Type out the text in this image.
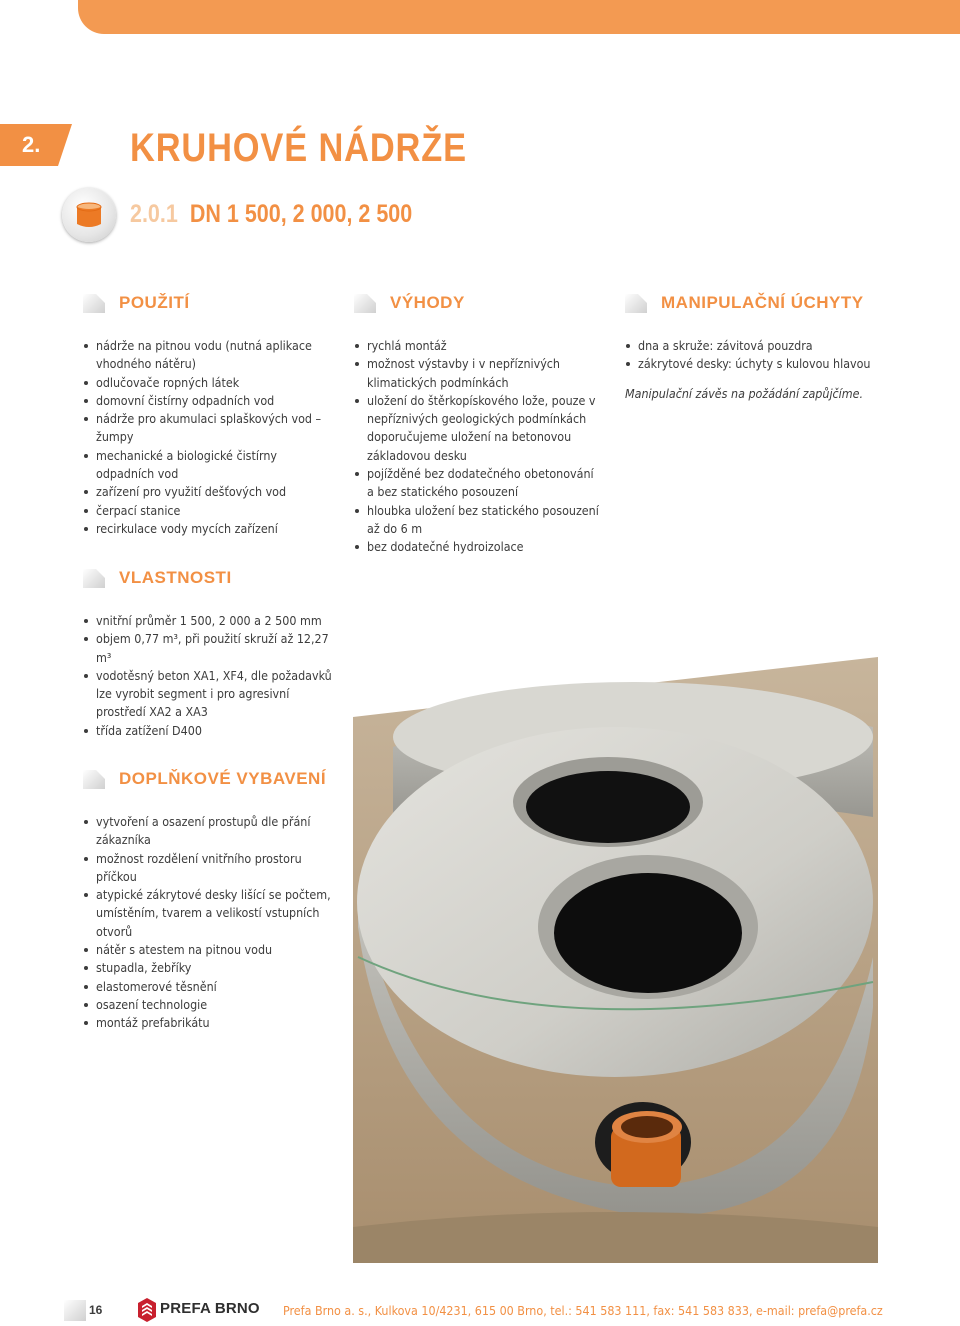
2.	KRUHOVÉ NÁDRŽE
2.0.1 DN 1 500, 2 000, 2 500
POUŽITÍ
nádrže na pitnou vodu (nutná aplikace vhodného nátěru)
odlučovače ropných látek
domovní čistírny odpadních vod
nádrže pro akumulaci splaškových vod – žumpy
mechanické a biologické čistírny odpadních vod
zařízení pro využití dešťových vod
čerpací stanice
recirkulace vody mycích zařízení
VÝHODY
rychlá montáž
možnost výstavby i v nepříznivých klimatických podmínkách
uložení do štěrkopískového lože, pouze v nepříznivých geologických podmínkách doporučujeme uložení na betonovou základovou desku
pojížděné bez dodatečného obetonování a bez statického posouzení
hloubka uložení bez statického posouzení až do 6 m
bez dodatečné hydroizolace
MANIPULAČNÍ ÚCHYTY
dna a skruže: závitová pouzdra
zákrytové desky: úchyty s kulovou hlavou

Manipulační závěs na požádání zapůjčíme.

VLASTNOSTI
vnitřní průměr 1 500, 2 000 a 2 500 mm
objem 0,77 m³, při použití skruží až 12,27 m³
vodotěsný beton XA1, XF4, dle požadavků lze vyrobit segment i pro agresivní prostředí XA2 a XA3
třída zatížení D400
DOPLŇKOVÉ VYBAVENÍ
vytvoření a osazení prostupů dle přání zákazníka
možnost rozdělení vnitřního prostoru příčkou
atypické zákrytové desky lišící se počtem, umístěním, tvarem a velikostí vstupních otvorů
nátěr s atestem na pitnou vodu
stupadla, žebříky
elastomerové těsnění
osazení technologie
montáž prefabrikátu
16	PREFA BRNO Prefa Brno a. s., Kulkova 10/4231, 615 00 Brno, tel.: 541 583 111, fax: 541 583 833, e-mail: prefa@prefa.cz
